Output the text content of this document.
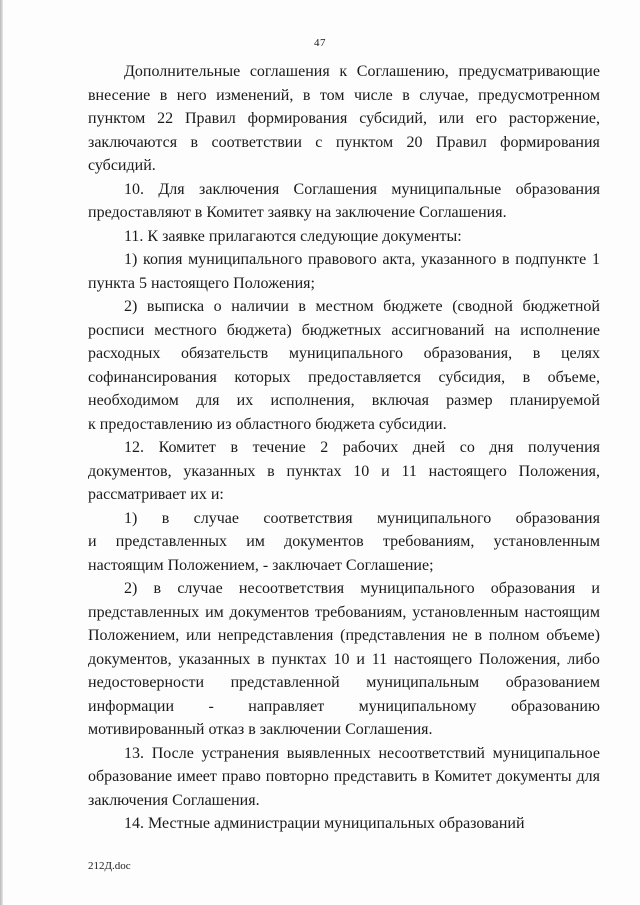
47
Дополнительные соглашения к Соглашению, предусматривающие
внесение в него изменений, в том числе в случае, предусмотренном
пунктом 22 Правил формирования субсидий, или его расторжение,
заключаются в соответствии с пунктом 20 Правил формирования
субсидий.
10. Для заключения Соглашения муниципальные образования
предоставляют в Комитет заявку на заключение Соглашения.
11. К заявке прилагаются следующие документы:
1) копия муниципального правового акта, указанного в подпункте 1
пункта 5 настоящего Положения;
2) выписка о наличии в местном бюджете (сводной бюджетной
росписи местного бюджета) бюджетных ассигнований на исполнение
расходных обязательств муниципального образования, в целях
софинансирования которых предоставляется субсидия, в объеме,
необходимом для их исполнения, включая размер планируемой
к предоставлению из областного бюджета субсидии.
12. Комитет в течение 2 рабочих дней со дня получения
документов, указанных в пунктах 10 и 11 настоящего Положения,
рассматривает их и:
1) в случае соответствия муниципального образования
и представленных им документов требованиям, установленным
настоящим Положением, - заключает Соглашение;
2) в случае несоответствия муниципального образования и
представленных им документов требованиям, установленным настоящим
Положением, или непредставления (представления не в полном объеме)
документов, указанных в пунктах 10 и 11 настоящего Положения, либо
недостоверности представленной муниципальным образованием
информации - направляет муниципальному образованию
мотивированный отказ в заключении Соглашения.
13. После устранения выявленных несоответствий муниципальное
образование имеет право повторно представить в Комитет документы для
заключения Соглашения.
14. Местные администрации муниципальных образований
212Д.doc
